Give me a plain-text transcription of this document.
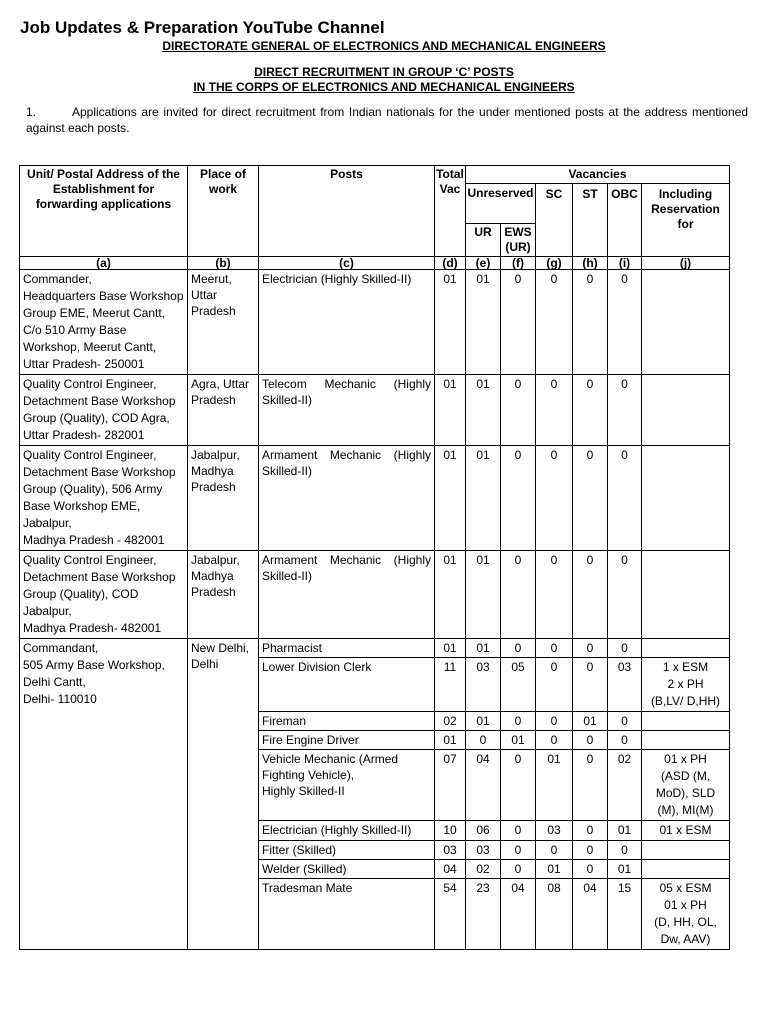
Job Updates & Preparation YouTube Channel
DIRECTORATE GENERAL OF ELECTRONICS AND MECHANICAL ENGINEERS
DIRECT RECRUITMENT IN GROUP ‘C’ POSTS
IN THE CORPS OF ELECTRONICS AND MECHANICAL ENGINEERS
1.	Applications are invited for direct recruitment from Indian nationals for the under mentioned posts at the address mentioned against each posts.
Unit/ Postal Address of the Establishment for forwarding applications	Place of work	Posts	Total Vac	Vacancies					
				Unreserved		SC	ST	OBC	Including Reservation for
				UR	EWS (UR)				
(a)	(b)	(c)	(d)	(e)	(f)	(g)	(h)	(i)	(j)
Commander,
Headquarters Base Workshop Group EME, Meerut Cantt, C/o 510 Army Base Workshop, Meerut Cantt,
Uttar Pradesh- 250001	Meerut, Uttar Pradesh	Electrician (Highly Skilled-II)	01	01	0	0	0	0	
Quality Control Engineer, Detachment Base Workshop Group (Quality), COD Agra,
Uttar Pradesh- 282001	Agra, Uttar Pradesh	Telecom Mechanic (Highly Skilled-II)	01	01	0	0	0	0	
Quality Control Engineer, Detachment Base Workshop Group (Quality), 506 Army Base Workshop EME, Jabalpur,
Madhya Pradesh - 482001	Jabalpur, Madhya Pradesh	Armament Mechanic (Highly Skilled-II)	01	01	0	0	0	0	
Quality Control Engineer, Detachment Base Workshop Group (Quality), COD Jabalpur,
Madhya Pradesh- 482001	Jabalpur, Madhya Pradesh	Armament Mechanic (Highly Skilled-II)	01	01	0	0	0	0	
Commandant,
505 Army Base Workshop,
Delhi Cantt,
Delhi- 110010	New Delhi, Delhi	Pharmacist	01	01	0	0	0	0	
		Lower Division Clerk	11	03	05	0	0	03	1 x ESM
2 x PH
(B,LV/ D,HH)
		Fireman	02	01	0	0	01	0	
		Fire Engine Driver	01	0	01	0	0	0	
		Vehicle Mechanic (Armed Fighting Vehicle),
Highly Skilled-II	07	04	0	01	0	02	01 x PH
(ASD (M, MoD), SLD (M), MI(M)
		Electrician (Highly Skilled-II)	10	06	0	03	0	01	01 x ESM
		Fitter (Skilled)	03	03	0	0	0	0	
		Welder (Skilled)	04	02	0	01	0	01	
		Tradesman Mate	54	23	04	08	04	15	05 x ESM
01 x PH
(D, HH, OL, Dw, AAV)
